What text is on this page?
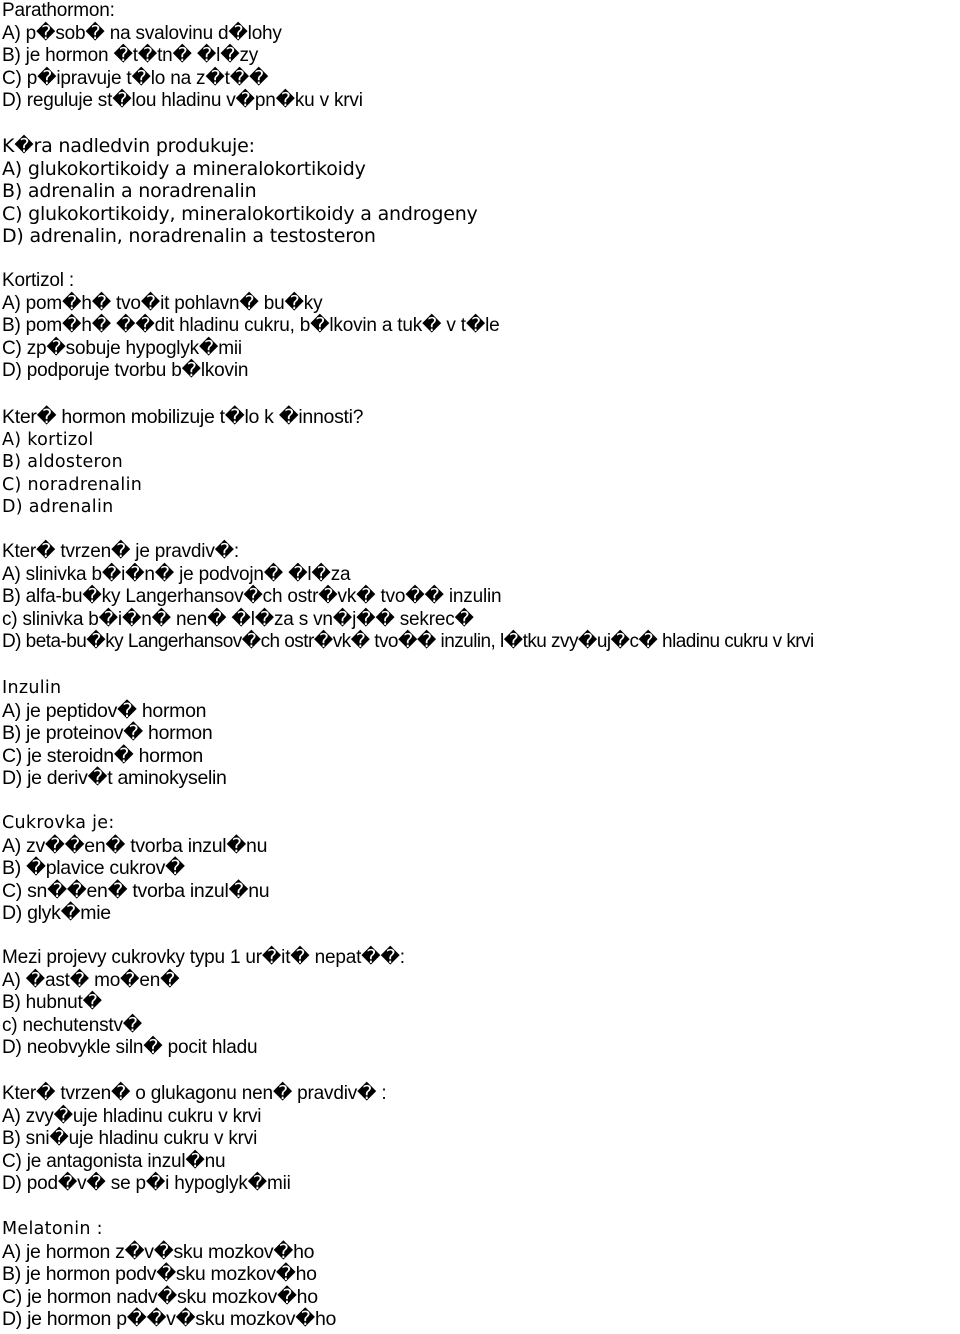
Parathormon:
A) p�sob� na svalovinu d�lohy
B) je hormon �t�tn� �l�zy
C) p�ipravuje t�lo na z�t��
D) reguluje st�lou hladinu v�pn�ku v krvi
K�ra nadledvin produkuje:
A) glukokortikoidy a mineralokortikoidy
B) adrenalin a noradrenalin
C) glukokortikoidy, mineralokortikoidy a androgeny
D) adrenalin, noradrenalin a testosteron
Kortizol :
A) pom�h� tvo�it pohlavn� bu�ky
B) pom�h� ��dit hladinu cukru, b�lkovin a tuk� v t�le
C) zp�sobuje hypoglyk�mii
D) podporuje tvorbu b�lkovin
Kter� hormon mobilizuje t�lo k �innosti?
A) kortizol
B) aldosteron
C) noradrenalin
D) adrenalin
Kter� tvrzen� je pravdiv�:
A) slinivka b�i�n� je podvojn� �l�za
B) alfa-bu�ky Langerhansov�ch ostr�vk� tvo�� inzulin
c) slinivka b�i�n� nen� �l�za s vn�j�� sekrec�
D) beta-bu�ky Langerhansov�ch ostr�vk� tvo�� inzulin, l�tku zvy�uj�c� hladinu cukru v krvi
Inzulin
A) je peptidov� hormon
B) je proteinov� hormon
C) je steroidn� hormon
D) je deriv�t aminokyselin
Cukrovka je:
A) zv��en� tvorba inzul�nu
B) �plavice cukrov�
C) sn��en� tvorba inzul�nu
D) glyk�mie
Mezi projevy cukrovky typu 1 ur�it� nepat��:
A) �ast� mo�en�
B) hubnut�
c) nechutenstv�
D) neobvykle siln� pocit hladu
Kter� tvrzen� o glukagonu nen� pravdiv� :
A) zvy�uje hladinu cukru v krvi
B) sni�uje hladinu cukru v krvi
C) je antagonista inzul�nu
D) pod�v� se p�i hypoglyk�mii
Melatonin :
A) je hormon z�v�sku mozkov�ho
B) je hormon podv�sku mozkov�ho
C) je hormon nadv�sku mozkov�ho
D) je hormon p��v�sku mozkov�ho
